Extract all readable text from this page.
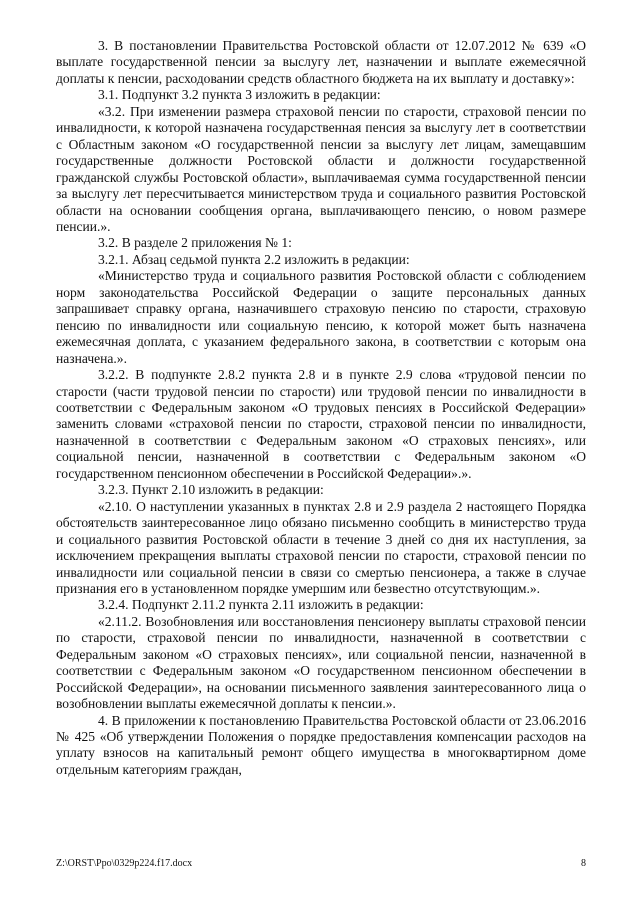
3. В постановлении Правительства Ростовской области от 12.07.2012 № 639 «О выплате государственной пенсии за выслугу лет, назначении и выплате ежемесячной доплаты к пенсии, расходовании средств областного бюджета на их выплату и доставку»:

3.1. Подпункт 3.2 пункта 3 изложить в редакции:

«3.2. При изменении размера страховой пенсии по старости, страховой пенсии по инвалидности, к которой назначена государственная пенсия за выслугу лет в соответствии с Областным законом «О государственной пенсии за выслугу лет лицам, замещавшим государственные должности Ростовской области и должности государственной гражданской службы Ростовской области», выплачиваемая сумма государственной пенсии за выслугу лет пересчитывается министерством труда и социального развития Ростовской области на основании сообщения органа, выплачивающего пенсию, о новом размере пенсии.».

3.2. В разделе 2 приложения № 1:

3.2.1. Абзац седьмой пункта 2.2 изложить в редакции:

«Министерство труда и социального развития Ростовской области с соблюдением норм законодательства Российской Федерации о защите персональных данных запрашивает справку органа, назначившего страховую пенсию по старости, страховую пенсию по инвалидности или социальную пенсию, к которой может быть назначена ежемесячная доплата, с указанием федерального закона, в соответствии с которым она назначена.».

3.2.2. В подпункте 2.8.2 пункта 2.8 и в пункте 2.9 слова «трудовой пенсии по старости (части трудовой пенсии по старости) или трудовой пенсии по инвалидности в соответствии с Федеральным законом «О трудовых пенсиях в Российской Федерации» заменить словами «страховой пенсии по старости, страховой пенсии по инвалидности, назначенной в соответствии с Федеральным законом «О страховых пенсиях», или социальной пенсии, назначенной в соответствии с Федеральным законом «О государственном пенсионном обеспечении в Российской Федерации».».

3.2.3. Пункт 2.10 изложить в редакции:

«2.10. О наступлении указанных в пунктах 2.8 и 2.9 раздела 2 настоящего Порядка обстоятельств заинтересованное лицо обязано письменно сообщить в министерство труда и социального развития Ростовской области в течение 3 дней со дня их наступления, за исключением прекращения выплаты страховой пенсии по старости, страховой пенсии по инвалидности или социальной пенсии в связи со смертью пенсионера, а также в случае признания его в установленном порядке умершим или безвестно отсутствующим.».

3.2.4. Подпункт 2.11.2 пункта 2.11 изложить в редакции:

«2.11.2. Возобновления или восстановления пенсионеру выплаты страховой пенсии по старости, страховой пенсии по инвалидности, назначенной в соответствии с Федеральным законом «О страховых пенсиях», или социальной пенсии, назначенной в соответствии с Федеральным законом «О государственном пенсионном обеспечении в Российской Федерации», на основании письменного заявления заинтересованного лица о возобновлении выплаты ежемесячной доплаты к пенсии.».

4. В приложении к постановлению Правительства Ростовской области от 23.06.2016 № 425 «Об утверждении Положения о порядке предоставления компенсации расходов на уплату взносов на капитальный ремонт общего имущества в многоквартирном доме отдельным категориям граждан,

Z:\ORST\Ppo\0329p224.f17.docx	8
